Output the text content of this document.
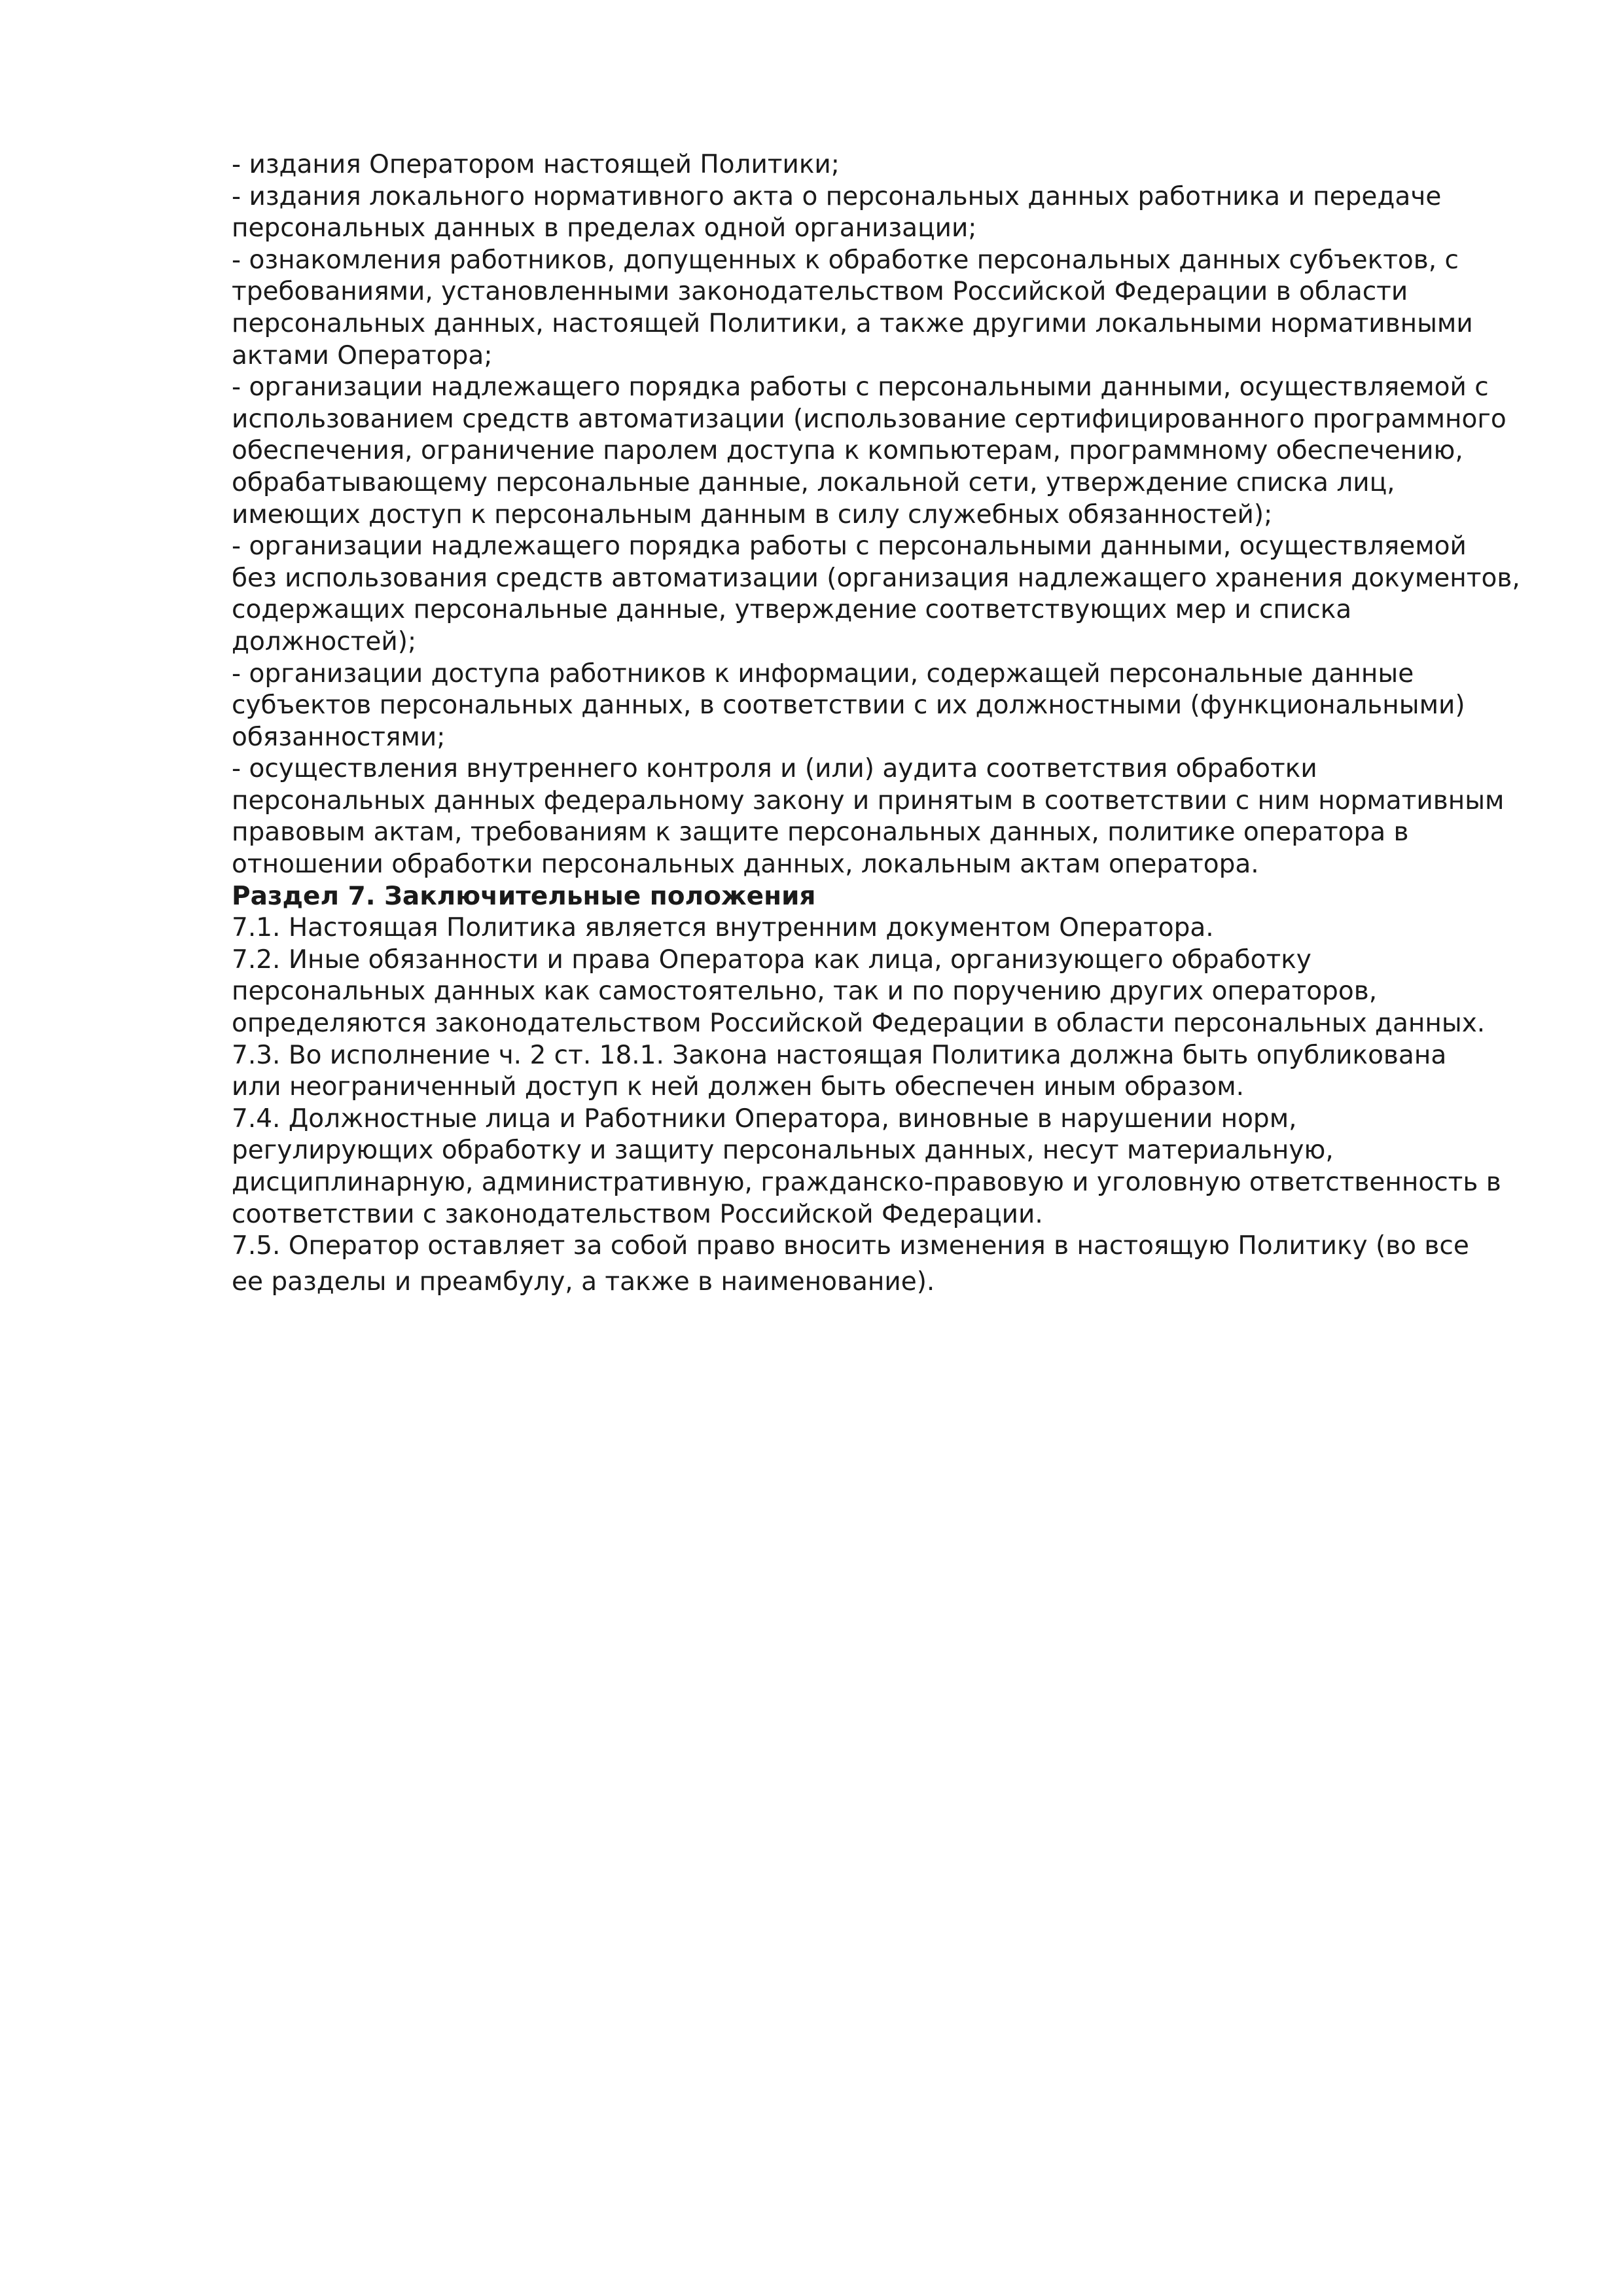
- издания Оператором настоящей Политики;
- издания локального нормативного акта о персональных данных работника и передаче
персональных данных в пределах одной организации;
- ознакомления работников, допущенных к обработке персональных данных субъектов, с
требованиями, установленными законодательством Российской Федерации в области
персональных данных, настоящей Политики, а также другими локальными нормативными
актами Оператора;
- организации надлежащего порядка работы с персональными данными, осуществляемой с
использованием средств автоматизации (использование сертифицированного программного
обеспечения, ограничение паролем доступа к компьютерам, программному обеспечению,
обрабатывающему персональные данные, локальной сети, утверждение списка лиц,
имеющих доступ к персональным данным в силу служебных обязанностей);
- организации надлежащего порядка работы с персональными данными, осуществляемой
без использования средств автоматизации (организация надлежащего хранения документов,
содержащих персональные данные, утверждение соответствующих мер и списка
должностей);
- организации доступа работников к информации, содержащей персональные данные
субъектов персональных данных, в соответствии с их должностными (функциональными)
обязанностями;
- осуществления внутреннего контроля и (или) аудита соответствия обработки
персональных данных федеральному закону и принятым в соответствии с ним нормативным
правовым актам, требованиям к защите персональных данных, политике оператора в
отношении обработки персональных данных, локальным актам оператора.
Раздел 7. Заключительные положения
7.1. Настоящая Политика является внутренним документом Оператора.
7.2. Иные обязанности и права Оператора как лица, организующего обработку
персональных данных как самостоятельно, так и по поручению других операторов,
определяются законодательством Российской Федерации в области персональных данных.
7.3. Во исполнение ч. 2 ст. 18.1. Закона настоящая Политика должна быть опубликована
или неограниченный доступ к ней должен быть обеспечен иным образом.
7.4. Должностные лица и Работники Оператора, виновные в нарушении норм,
регулирующих обработку и защиту персональных данных, несут материальную,
дисциплинарную, административную, гражданско-правовую и уголовную ответственность в
соответствии с законодательством Российской Федерации.
7.5. Оператор оставляет за собой право вносить изменения в настоящую Политику (во все
ее разделы и преамбулу, а также в наименование).
